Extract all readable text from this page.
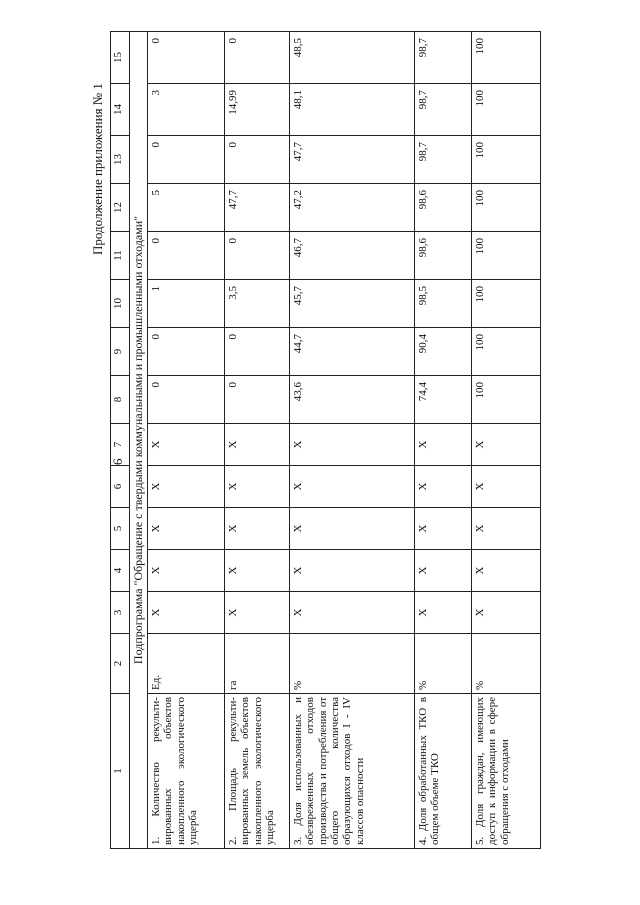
6
Продолжение приложения № 1
1	2	3	4	5	6	7	8	9	10	11	12	13	14	15
Подпрограмма "Обращение с твердыми коммунальными и промышленными отходами"														
1. Количество рекульти- вированных объектов накопленного экологического ущерба	Ед.	X	X	X	X	X	0	0	1	0	5	0	3	0
2. Площадь рекульти- вированных земель объектов накопленного экологического ущерба	га	X	X	X	X	X	0	0	3,5	0	47,7	0	14,99	0
3. Доля использованных и обезвреженных отходов производства и потребления от общего количества образующихся отходов I - IV классов опасности	%	X	X	X	X	X	43,6	44,7	45,7	46,7	47,2	47,7	48,1	48,5
4. Доля обработанных ТКО в общем объеме ТКО	%	X	X	X	X	X	74,4	90,4	98,5	98,6	98,6	98,7	98,7	98,7
5. Доля граждан, имеющих доступ к информации в сфере обращения с отходами	%	X	X	X	X	X	100	100	100	100	100	100	100	100
